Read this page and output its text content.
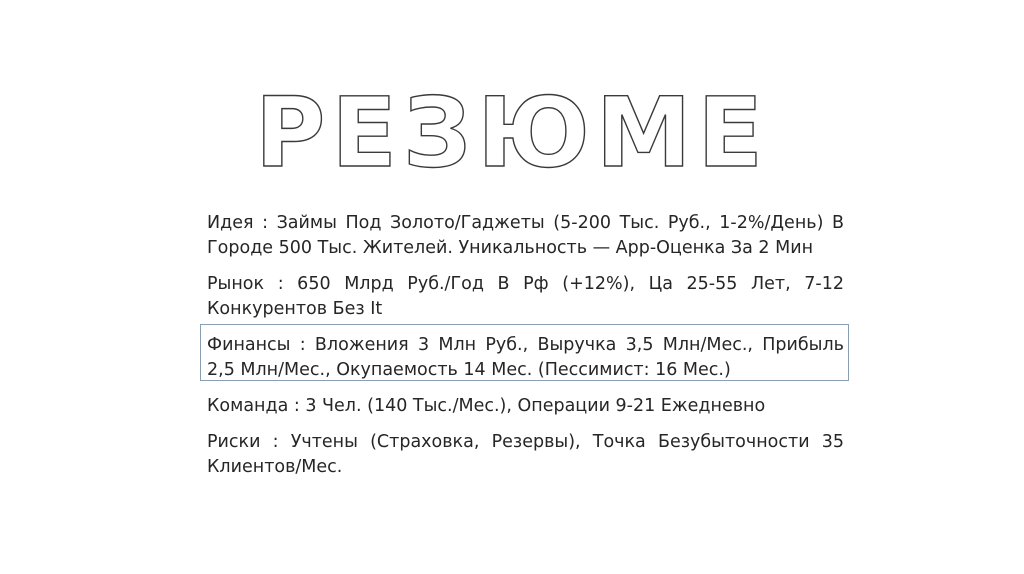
РЕЗЮМЕ

Идея : Займы Под Золото/Гаджеты (5-200 Тыс. Руб., 1-2%/День) В Городе 500 Тыс. Жителей. Уникальность — App-Оценка За 2 Мин

Рынок : 650 Млрд Руб./Год В Рф (+12%), Ца 25-55 Лет, 7-12 Конкурентов Без It

Финансы : Вложения 3 Млн Руб., Выручка 3,5 Млн/Мес., Прибыль 2,5 Млн/Мес., Окупаемость 14 Мес. (Пессимист: 16 Мес.)

Команда : 3 Чел. (140 Тыс./Мес.), Операции 9-21 Ежедневно

Риски : Учтены (Страховка, Резервы), Точка Безубыточности 35 Клиентов/Мес.
